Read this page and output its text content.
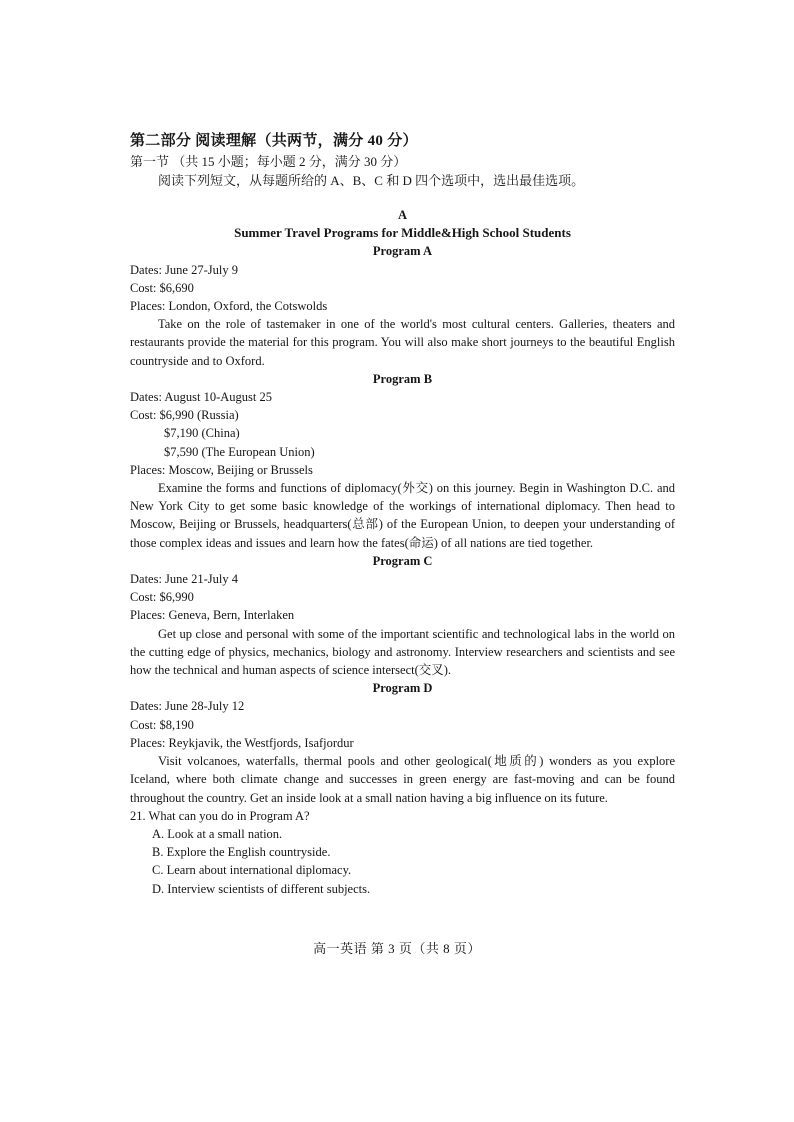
第二部分 阅读理解（共两节，满分 40 分）
第一节 （共 15 小题；每小题 2 分，满分 30 分）
阅读下列短文，从每题所给的 A、B、C 和 D 四个选项中，选出最佳选项。
A
Summer Travel Programs for Middle&High School Students
Program A
Dates: June 27-July 9
Cost: $6,690
Places: London, Oxford, the Cotswolds
Take on the role of tastemaker in one of the world's most cultural centers. Galleries, theaters and restaurants provide the material for this program. You will also make short journeys to the beautiful English countryside and to Oxford.
Program B
Dates: August 10-August 25
Cost: $6,990 (Russia)
$7,190 (China)
$7,590 (The European Union)
Places: Moscow, Beijing or Brussels
Examine the forms and functions of diplomacy(外交) on this journey. Begin in Washington D.C. and New York City to get some basic knowledge of the workings of international diplomacy. Then head to Moscow, Beijing or Brussels, headquarters(总部) of the European Union, to deepen your understanding of those complex ideas and issues and learn how the fates(命运) of all nations are tied together.
Program C
Dates: June 21-July 4
Cost: $6,990
Places: Geneva, Bern, Interlaken
Get up close and personal with some of the important scientific and technological labs in the world on the cutting edge of physics, mechanics, biology and astronomy. Interview researchers and scientists and see how the technical and human aspects of science intersect(交叉).
Program D
Dates: June 28-July 12
Cost: $8,190
Places: Reykjavik, the Westfjords, Isafjordur
Visit volcanoes, waterfalls, thermal pools and other geological(地质的) wonders as you explore Iceland, where both climate change and successes in green energy are fast-moving and can be found throughout the country. Get an inside look at a small nation having a big influence on its future.
21. What can you do in Program A?
A. Look at a small nation.
B. Explore the English countryside.
C. Learn about international diplomacy.
D. Interview scientists of different subjects.
高一英语 第 3 页（共 8 页）
